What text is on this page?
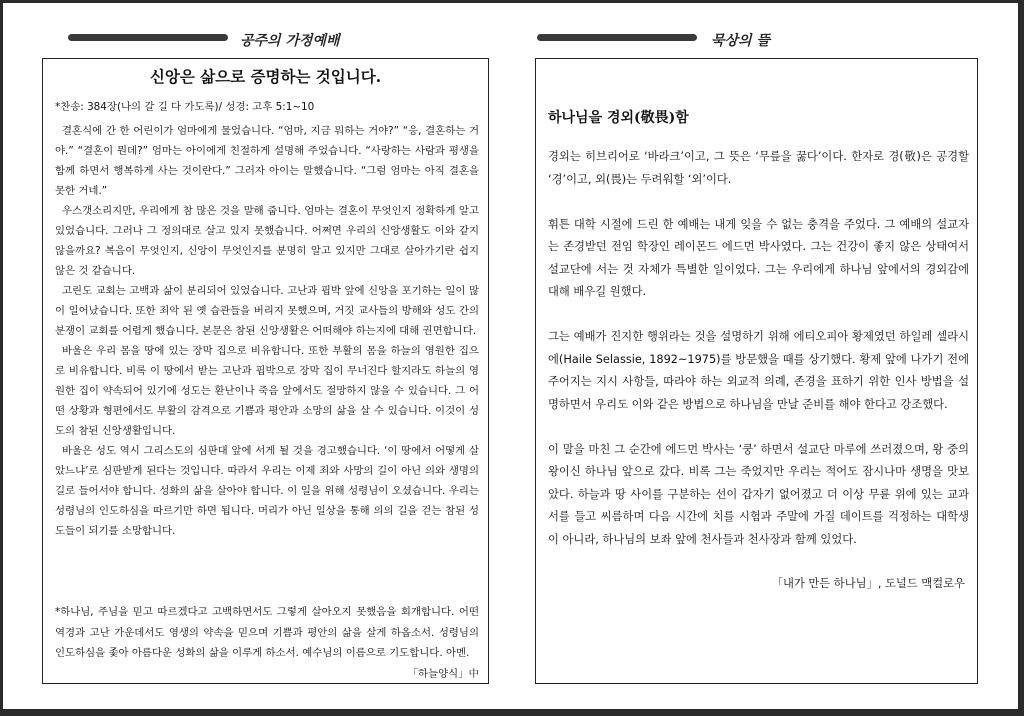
공주의 가정예배	묵상의 뜰
신앙은 삶으로 증명하는 것입니다.
*찬송: 384장(나의 갈 길 다 가도록)/ 성경: 고후 5:1~10

결혼식에 간 한 어린이가 엄마에게 물었습니다. “엄마, 지금 뭐하는 거야?” “응, 결혼하는 거야.” “결혼이 뭔데?” 엄마는 아이에게 친절하게 설명해 주었습니다. “사랑하는 사람과 평생을 함께 하면서 행복하게 사는 것이란다.” 그러자 아이는 말했습니다. “그럼 엄마는 아직 결혼을 못한 거네.”

우스갯소리지만, 우리에게 참 많은 것을 말해 줍니다. 엄마는 결혼이 무엇인지 정확하게 알고 있었습니다. 그러나 그 정의대로 살고 있지 못했습니다. 어쩌면 우리의 신앙생활도 이와 같지 않을까요? 복음이 무엇인지, 신앙이 무엇인지를 분명히 알고 있지만 그대로 살아가기란 쉽지 않은 것 같습니다.

고린도 교회는 고백과 삶이 분리되어 있었습니다. 고난과 핍박 앞에 신앙을 포기하는 일이 많이 일어났습니다. 또한 죄악 된 옛 습관들을 버리지 못했으며, 거짓 교사들의 방해와 성도 간의 분쟁이 교회를 어렵게 했습니다. 본문은 참된 신앙생활은 어떠해야 하는지에 대해 권면합니다.

바울은 우리 몸을 땅에 있는 장막 집으로 비유합니다. 또한 부활의 몸을 하늘의 영원한 집으로 비유합니다. 비록 이 땅에서 받는 고난과 핍박으로 장막 집이 무너진다 할지라도 하늘의 영원한 집이 약속되어 있기에 성도는 환난이나 죽음 앞에서도 절망하지 않을 수 있습니다. 그 어떤 상황과 형편에서도 부활의 감격으로 기쁨과 평안과 소망의 삶을 살 수 있습니다. 이것이 성도의 참된 신앙생활입니다.

바울은 성도 역시 그리스도의 심판대 앞에 서게 될 것을 경고했습니다. ‘이 땅에서 어떻게 살았느냐’로 심판받게 된다는 것입니다. 따라서 우리는 이제 죄와 사망의 길이 아닌 의와 생명의 길로 들어서야 합니다. 성화의 삶을 살아야 합니다. 이 일을 위해 성령님이 오셨습니다. 우리는 성령님의 인도하심을 따르기만 하면 됩니다. 머리가 아닌 일상을 통해 의의 길을 걷는 참된 성도들이 되기를 소망합니다.

*하나님, 주님을 믿고 따르겠다고 고백하면서도 그렇게 살아오지 못했음을 회개합니다. 어떤 역경과 고난 가운데서도 영생의 약속을 믿으며 기쁨과 평안의 삶을 살게 하옵소서. 성령님의 인도하심을 좇아 아름다운 성화의 삶을 이루게 하소서. 예수님의 이름으로 기도합니다. 아멘.
「하늘양식」中
하나님을 경외(敬畏)함

경외는 히브리어로 ‘바라크’이고, 그 뜻은 ‘무릎을 꿇다’이다. 한자로 경(敬)은 공경할 ‘경’이고, 외(畏)는 두려워할 ‘외’이다.

휘튼 대학 시절에 드린 한 예배는 내게 잊을 수 없는 충격을 주었다. 그 예배의 설교자는 존경받던 전임 학장인 레이몬드 에드먼 박사였다. 그는 건강이 좋지 않은 상태여서 설교단에 서는 것 자체가 특별한 일이었다. 그는 우리에게 하나님 앞에서의 경외감에 대해 배우길 원했다.

그는 예배가 진지한 행위라는 것을 설명하기 위해 에티오피아 황제였던 하일레 셀라시에(Haile Selassie, 1892~1975)를 방문했을 때를 상기했다. 황제 앞에 나가기 전에 주어지는 지시 사항들, 따라야 하는 외교적 의례, 존경을 표하기 위한 인사 방법을 설명하면서 우리도 이와 같은 방법으로 하나님을 만날 준비를 해야 한다고 강조했다.

이 말을 마친 그 순간에 에드먼 박사는 ‘쿵’ 하면서 설교단 마루에 쓰러졌으며, 왕 중의 왕이신 하나님 앞으로 갔다. 비록 그는 죽었지만 우리는 적어도 잠시나마 생명을 맛보았다. 하늘과 땅 사이를 구분하는 선이 갑자기 없어졌고 더 이상 무륜 위에 있는 교과서를 들고 씨름하며 다음 시간에 치를 시험과 주말에 가질 데이트를 걱정하는 대학생이 아니라, 하나님의 보좌 앞에 천사들과 천사장과 함께 있었다.

「내가 만든 하나님」, 도널드 맥컬로우
